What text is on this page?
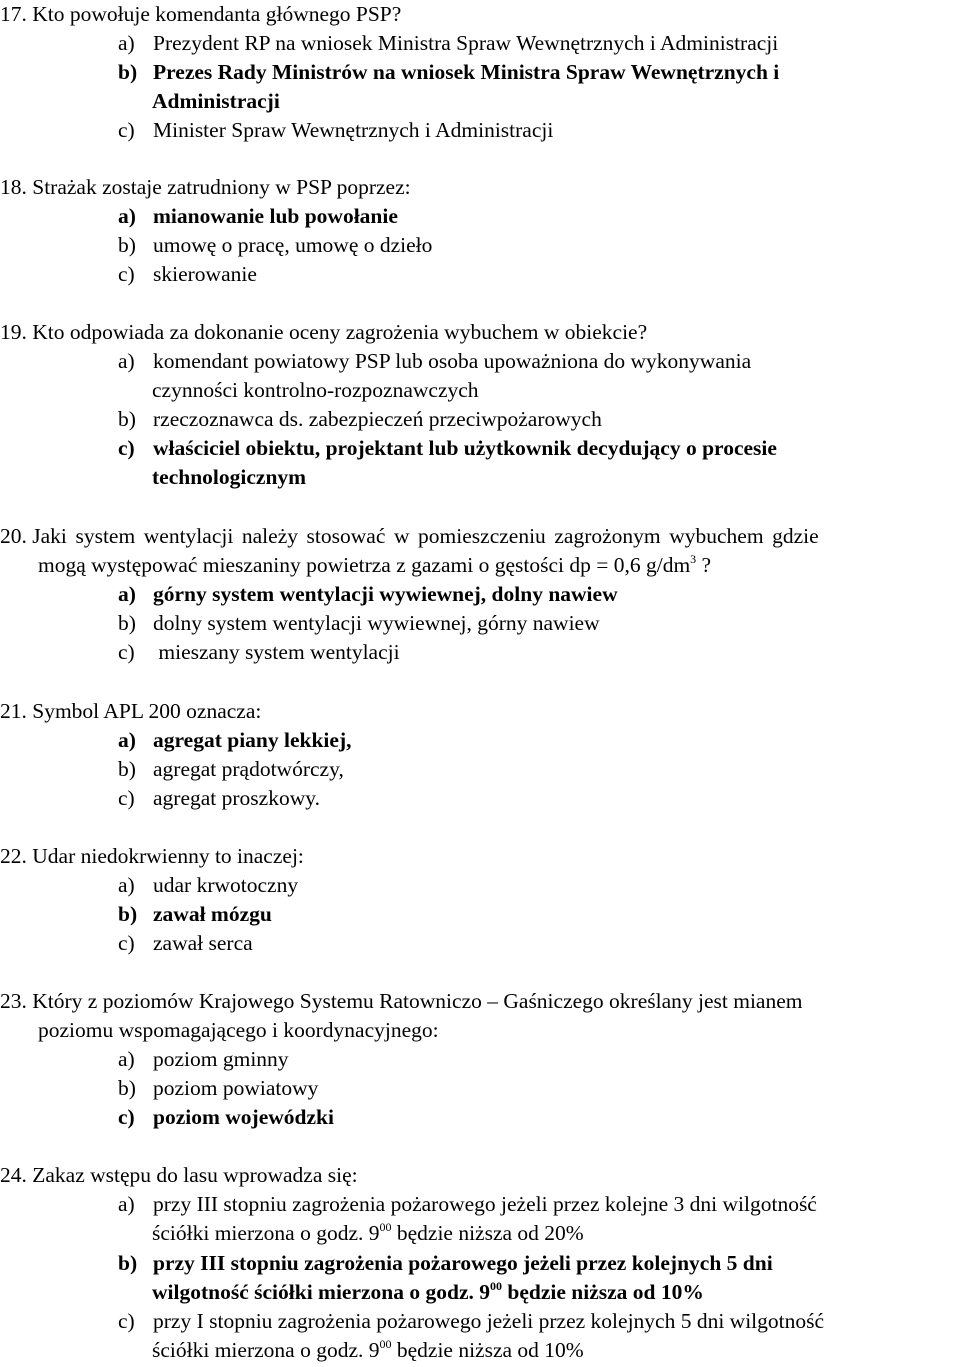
17. Kto powołuje komendanta głównego PSP?
a) Prezydent RP na wniosek Ministra Spraw Wewnętrznych i Administracji
b) Prezes Rady Ministrów na wniosek Ministra Spraw Wewnętrznych i
Administracji
c) Minister Spraw Wewnętrznych i Administracji
18. Strażak zostaje zatrudniony w PSP poprzez:
a) mianowanie lub powołanie
b) umowę o pracę, umowę o dzieło
c) skierowanie
19. Kto odpowiada za dokonanie oceny zagrożenia wybuchem w obiekcie?
a) komendant powiatowy PSP lub osoba upoważniona do wykonywania
czynności kontrolno-rozpoznawczych
b) rzeczoznawca ds. zabezpieczeń przeciwpożarowych
c) właściciel obiektu, projektant lub użytkownik decydujący o procesie
technologicznym
20. Jaki system wentylacji należy stosować w pomieszczeniu zagrożonym wybuchem gdzie
mogą występować mieszaniny powietrza z gazami o gęstości dp = 0,6 $g/dm^3$ ?
a) górny system wentylacji wywiewnej, dolny nawiew
b) dolny system wentylacji wywiewnej, górny nawiew
c) mieszany system wentylacji
21. Symbol APL 200 oznacza:
a) agregat piany lekkiej,
b) agregat prądotwórczy,
c) agregat proszkowy.
22. Udar niedokrwienny to inaczej:
a) udar krwotoczny
b) zawał mózgu
c) zawał serca
23. Który z poziomów Krajowego Systemu Ratowniczo – Gaśniczego określany jest mianem
poziomu wspomagającego i koordynacyjnego:
a) poziom gminny
b) poziom powiatowy
c) poziom wojewódzki
24. Zakaz wstępu do lasu wprowadza się:
a) przy III stopniu zagrożenia pożarowego jeżeli przez kolejne 3 dni wilgotność
ściółki mierzona o godz. $9^{00}$ będzie niższa od 20%
b) przy III stopniu zagrożenia pożarowego jeżeli przez kolejnych 5 dni
wilgotność ściółki mierzona o godz. $9^{00}$ będzie niższa od 10%
c) przy I stopniu zagrożenia pożarowego jeżeli przez kolejnych 5 dni wilgotność
ściółki mierzona o godz. $9^{00}$ będzie niższa od 10%
